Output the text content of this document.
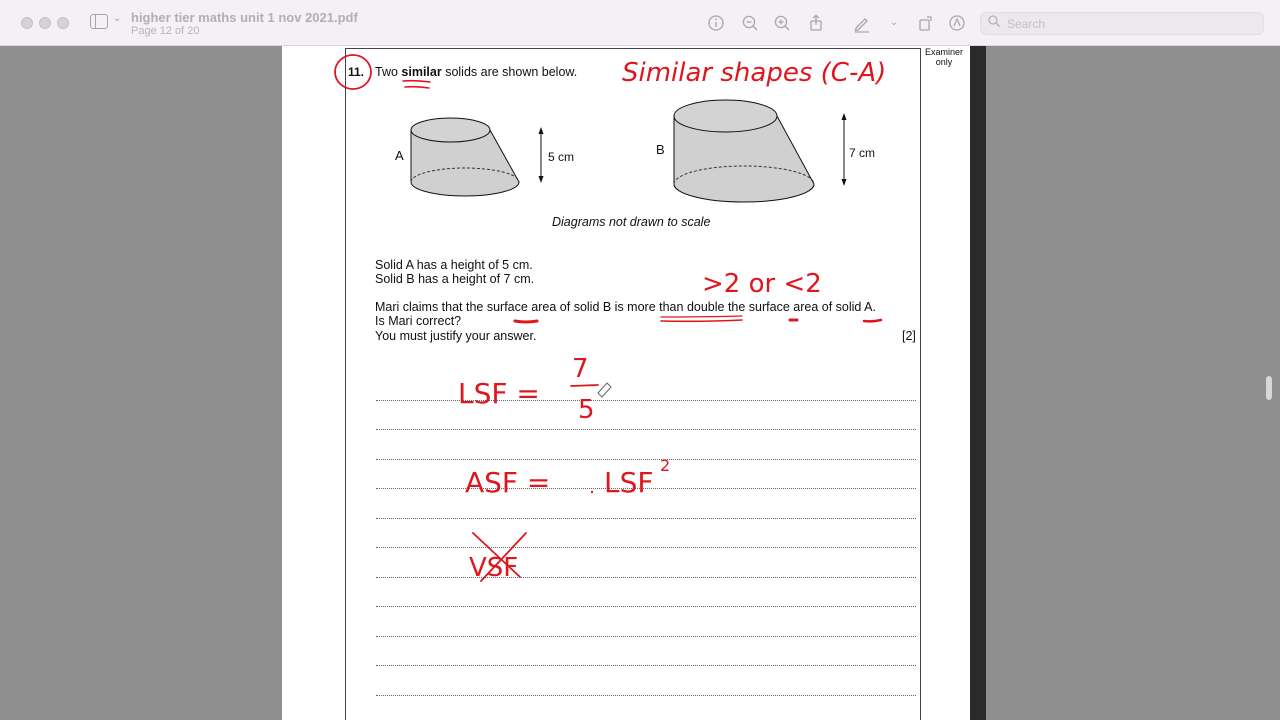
⌄ higher tier maths unit 1 nov 2021.pdf
Page 12 of 20
⌄
Search
Examiner
only
11. Two similar solids are shown below.
A	B
5 cm	7 cm
Diagrams not drawn to scale
Solid A has a height of 5 cm.
Solid B has a height of 7 cm.
Mari claims that the surface area of solid B is more than double the surface area of solid A.
Is Mari correct?
You must justify your answer.	[2]
Similar shapes (C-A)
>2 or <2
LSF =
7
5
ASF = LSF
2
VSF
